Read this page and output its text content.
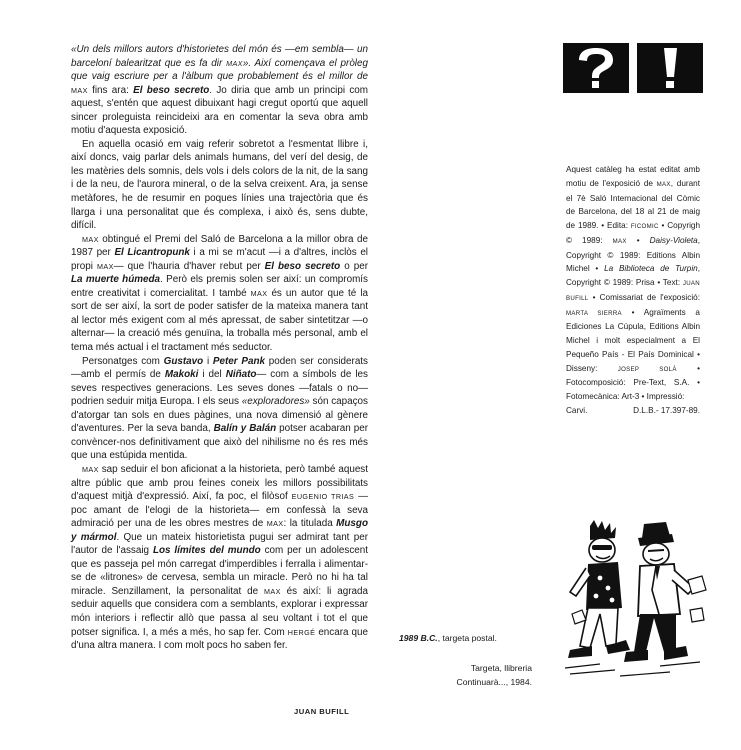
«Un dels millors autors d'historietes del món és —em sembla— un barceloní balearitzat que es fa dir MAX». Així començava el pròleg que vaig escriure per a l'àlbum que probablement és el millor de MAX fins ara: El beso secreto. Jo diria que amb un principi com aquest, s'entén que aquest dibuixant hagi cregut oportú que aquell sincer proleguista reincideixi ara en comentar la seva obra amb motiu d'aquesta exposició.

En aquella ocasió em vaig referir sobretot a l'esmentat llibre i, així doncs, vaig parlar dels animals humans, del verí del desig, de les matèries dels somnis, dels vols i dels colors de la nit, de la sang i de la neu, de l'aurora mineral, o de la selva creixent. Ara, ja sense metàfores, he de resumir en poques línies una trajectòria que és llarga i una personalitat que és complexa, i això és, sens dubte, difícil.

MAX obtingué el Premi del Saló de Barcelona a la millor obra de 1987 per El Licantropunk i a mi se m'acut —i a d'altres, inclòs el propi MAX— que l'hauria d'haver rebut per El beso secreto o per La muerte húmeda. Però els premis solen ser així: un compromís entre creativitat i comercialitat. I també MAX és un autor que té la sort de ser així, la sort de poder satisfer de la mateixa manera tant al lector més exigent com al més apressat, de saber sintetitzar —o alternar— la creació més genuïna, la troballa més personal, amb el tema més actual i el tractament més seductor.

Personatges com Gustavo i Peter Pank poden ser considerats —amb el permís de Makoki i del Niñato— com a símbols de les seves respectives generacions. Les seves dones —fatals o no— podrien seduir mitja Europa. I els seus «exploradores» són capaços d'atorgar tan sols en dues pàgines, una nova dimensió al gènere d'aventures. Per la seva banda, Balín y Balán potser acabaran per convèncer-nos definitivament que això del nihilisme no és res més que una estúpida mentida.

MAX sap seduir el bon aficionat a la historieta, però també aquest altre públic que amb prou feines coneix les millors possibilitats d'aquest mitjà d'expressió. Així, fa poc, el filòsof EUGENIO TRIAS —poc amant de l'elogi de la historieta— em confessà la seva admiració per una de les obres mestres de MAX: la titulada Musgo y mármol. Que un mateix historietista pugui ser admirat tant per l'autor de l'assaig Los límites del mundo com per un adolescent que es passeja pel món carregat d'imperdibles i ferralla i alimentar-se de «litrones» de cervesa, sembla un miracle. Però no hi ha tal miracle. Senzillament, la personalitat de MAX és així: li agrada seduir aquells que considera com a semblants, explorar i expressar món interiors i reflectir allò que passa al seu voltant i tot el que potser significa. I, a més a més, ho sap fer. Com HERGÉ encara que d'una altra manera. I com molt pocs ho saben fer.

JUAN BUFILL
Aquest catàleg ha estat editat amb motiu de l'exposició de MAX, durant el 7è Saló Internacional del Còmic de Barcelona, del 18 al 21 de maig de 1989. • Edita: FICOMIC • Copyrigh © 1989: MAX • Daisy-Violeta, Copyright © 1989: Editions Albin Michel • La Biblioteca de Turpin, Copyright © 1989: Prisa • Text: JUAN BUFILL • Comissariat de l'exposició: MARTA SIERRA • Agraïments a Ediciones La Cúpula, Editions Albin Michel i molt especialment a El Pequeño País - El País Dominical • Disseny: JOSEP SOLÀ • Fotocomposició: Pre-Text, S.A. • Fotomecànica: Art-3 • Impressió:
Carvi.	D.L.B.- 17.397-89.
1989 B.C., targeta postal.
Targeta, llibreria
Continuarà..., 1984.
